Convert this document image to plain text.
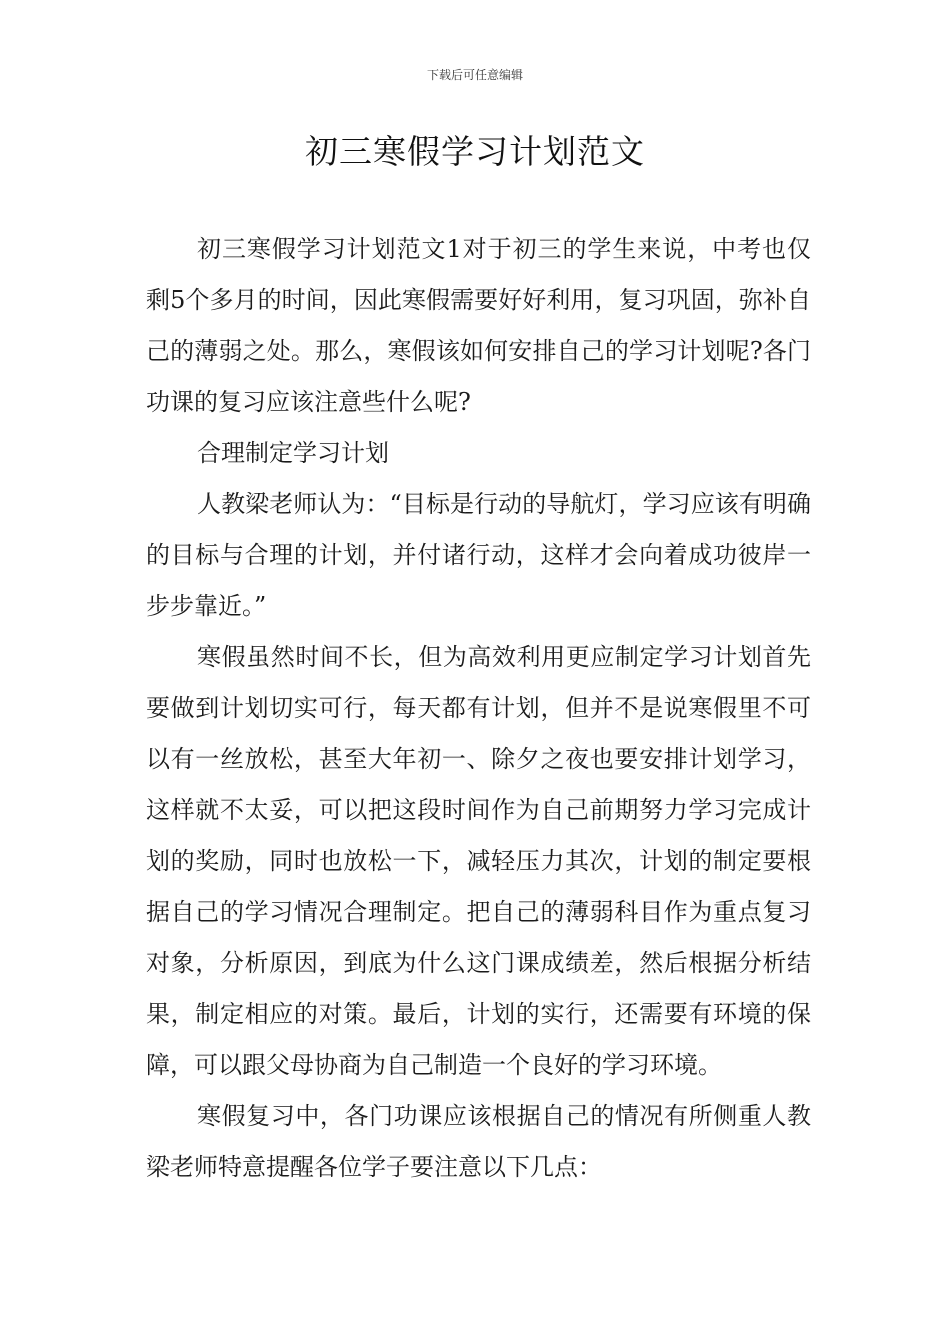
下载后可任意编辑
初三寒假学习计划范文

初三寒假学习计划范文1对于初三的学生来说，中考也仅剩5个多月的时间，因此寒假需要好好利用，复习巩固，弥补自己的薄弱之处。那么，寒假该如何安排自己的学习计划呢?各门功课的复习应该注意些什么呢?

合理制定学习计划

人教梁老师认为：“目标是行动的导航灯，学习应该有明确的目标与合理的计划，并付诸行动，这样才会向着成功彼岸一步步靠近。”

寒假虽然时间不长，但为高效利用更应制定学习计划首先要做到计划切实可行，每天都有计划，但并不是说寒假里不可以有一丝放松，甚至大年初一、除夕之夜也要安排计划学习，这样就不太妥，可以把这段时间作为自己前期努力学习完成计划的奖励，同时也放松一下，减轻压力其次，计划的制定要根据自己的学习情况合理制定。把自己的薄弱科目作为重点复习对象，分析原因，到底为什么这门课成绩差，然后根据分析结果，制定相应的对策。最后，计划的实行，还需要有环境的保障，可以跟父母协商为自己制造一个良好的学习环境。

寒假复习中，各门功课应该根据自己的情况有所侧重人教梁老师特意提醒各位学子要注意以下几点：
